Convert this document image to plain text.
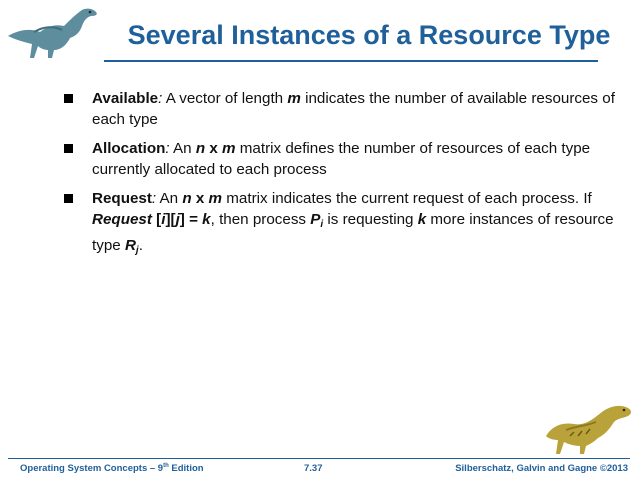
Several Instances of a Resource Type
Available: A vector of length m indicates the number of available resources of each type
Allocation: An n x m matrix defines the number of resources of each type currently allocated to each process
Request: An n x m matrix indicates the current request of each process. If Request [i][j] = k, then process $P_i$ is requesting k more instances of resource type $R_j$.
Operating System Concepts – 9th Edition	7.37	Silberschatz, Galvin and Gagne ©2013
